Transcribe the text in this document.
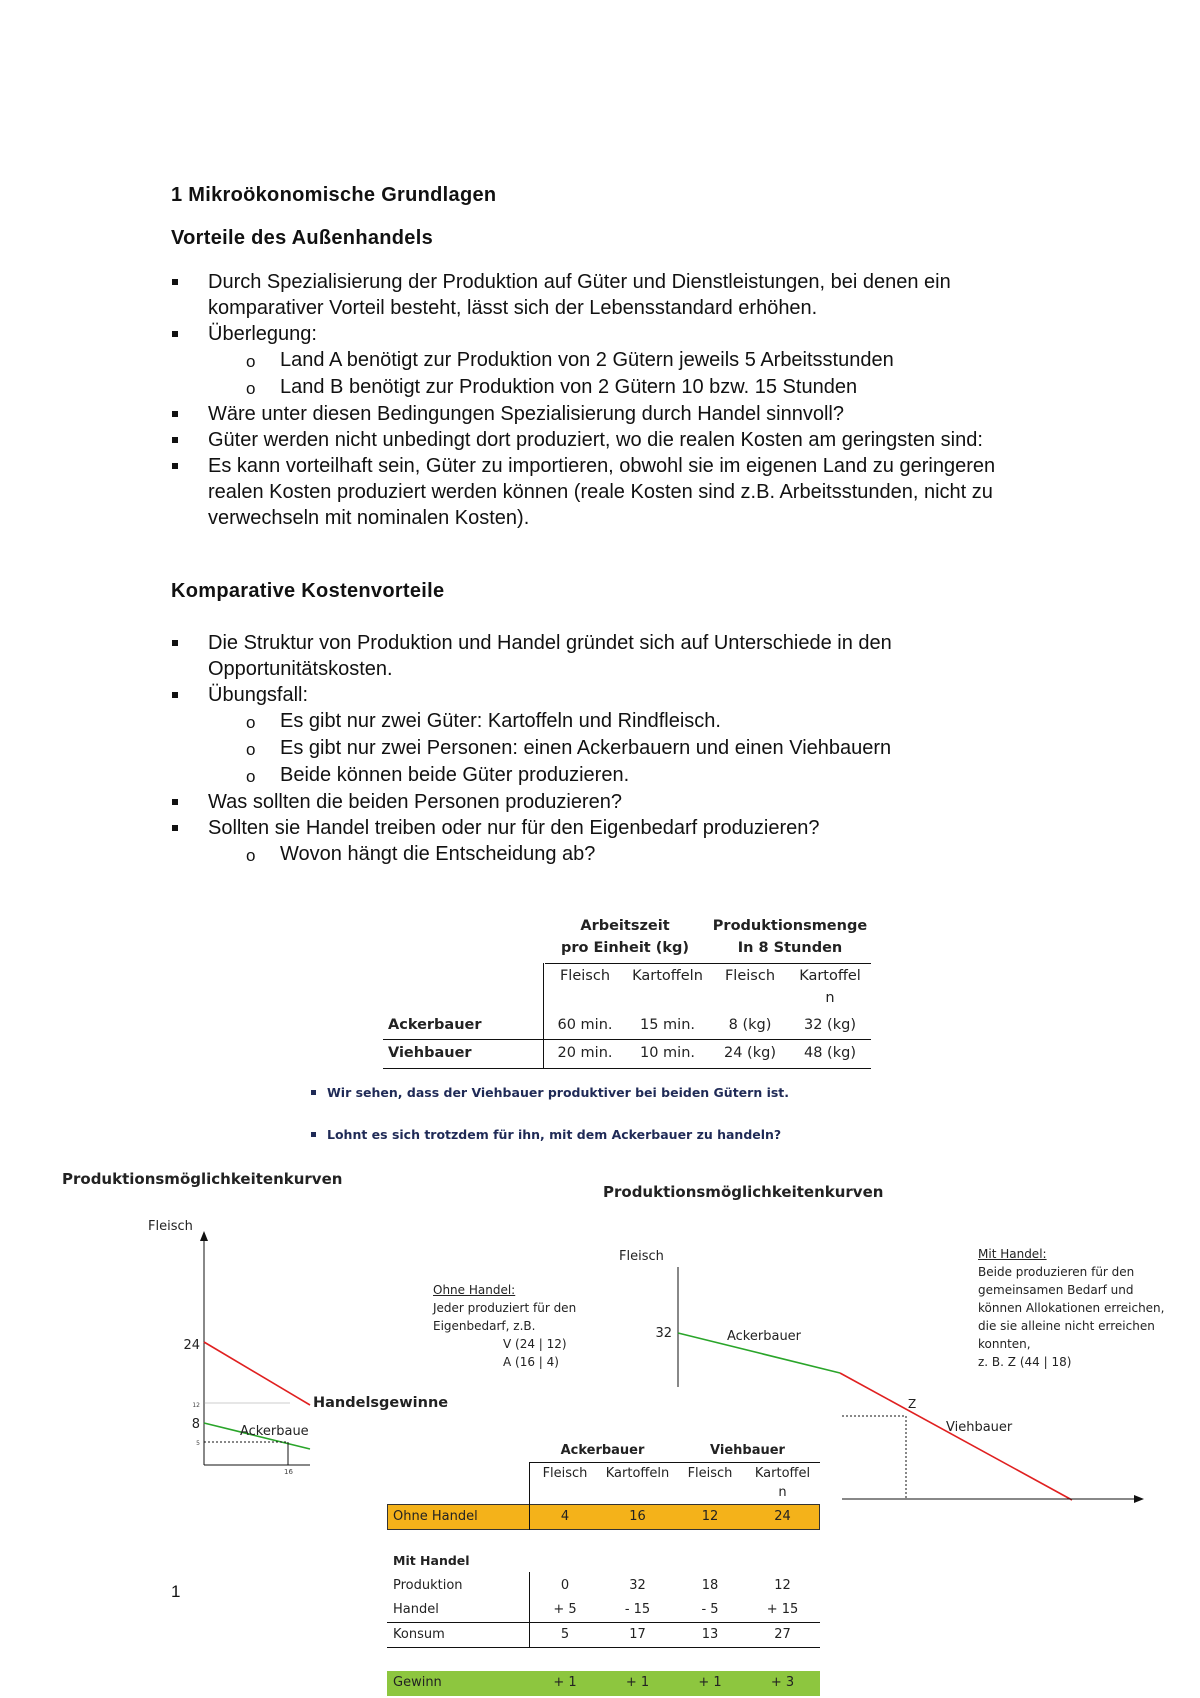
1 Mikroökonomische Grundlagen
Vorteile des Außenhandels
Durch Spezialisierung der Produktion auf Güter und Dienstleistungen, bei denen ein komparativer Vorteil besteht, lässt sich der Lebensstandard erhöhen.
Überlegung:
o Land A benötigt zur Produktion von 2 Gütern jeweils 5 Arbeitsstunden
o Land B benötigt zur Produktion von 2 Gütern 10 bzw. 15 Stunden
Wäre unter diesen Bedingungen Spezialisierung durch Handel sinnvoll?
Güter werden nicht unbedingt dort produziert, wo die realen Kosten am geringsten sind:
Es kann vorteilhaft sein, Güter zu importieren, obwohl sie im eigenen Land zu geringeren realen Kosten produziert werden können (reale Kosten sind z.B. Arbeitsstunden, nicht zu verwechseln mit nominalen Kosten).
Komparative Kostenvorteile
Die Struktur von Produktion und Handel gründet sich auf Unterschiede in den Opportunitätskosten.
Übungsfall:
o Es gibt nur zwei Güter: Kartoffeln und Rindfleisch.
o Es gibt nur zwei Personen: einen Ackerbauern und einen Viehbauern
o Beide können beide Güter produzieren.
Was sollten die beiden Personen produzieren?
Sollten sie Handel treiben oder nur für den Eigenbedarf produzieren?
o Wovon hängt die Entscheidung ab?
Arbeitszeit
pro Einheit (kg)
Produktionsmenge
In 8 Stunden
Fleisch	Kartoffeln	Fleisch	Kartoffel
n
Ackerbauer	60 min.	15 min.	8 (kg)	32 (kg)
Viehbauer	20 min.	10 min.	24 (kg)	48 (kg)
Wir sehen, dass der Viehbauer produktiver bei beiden Gütern ist.
Lohnt es sich trotzdem für ihn, mit dem Ackerbauer zu handeln?
Produktionsmöglichkeitenkurven
Fleisch
24
8
12
5
16
Ackerbaue
Handelsgewinne
Ohne Handel:
Jeder produziert für den
Eigenbedarf, z.B.
V (24 | 12)
A (16 | 4)
Produktionsmöglichkeitenkurven
Fleisch
32
Z
Ackerbauer
Viehbauer
Mit Handel:
Beide produzieren für den
gemeinsamen Bedarf und
können Allokationen erreichen,
die sie alleine nicht erreichen
konnten,
z. B. Z (44 | 18)
Ackerbauer	Viehbauer
Fleisch	Kartoffeln	Fleisch	Kartoffel
n
Ohne Handel	4	16	12	24
Mit Handel
Produktion	0	32	18	12
Handel	+ 5	- 15	- 5	+ 15
Konsum	5	17	13	27
Gewinn	+ 1	+ 1	+ 1	+ 3
1
